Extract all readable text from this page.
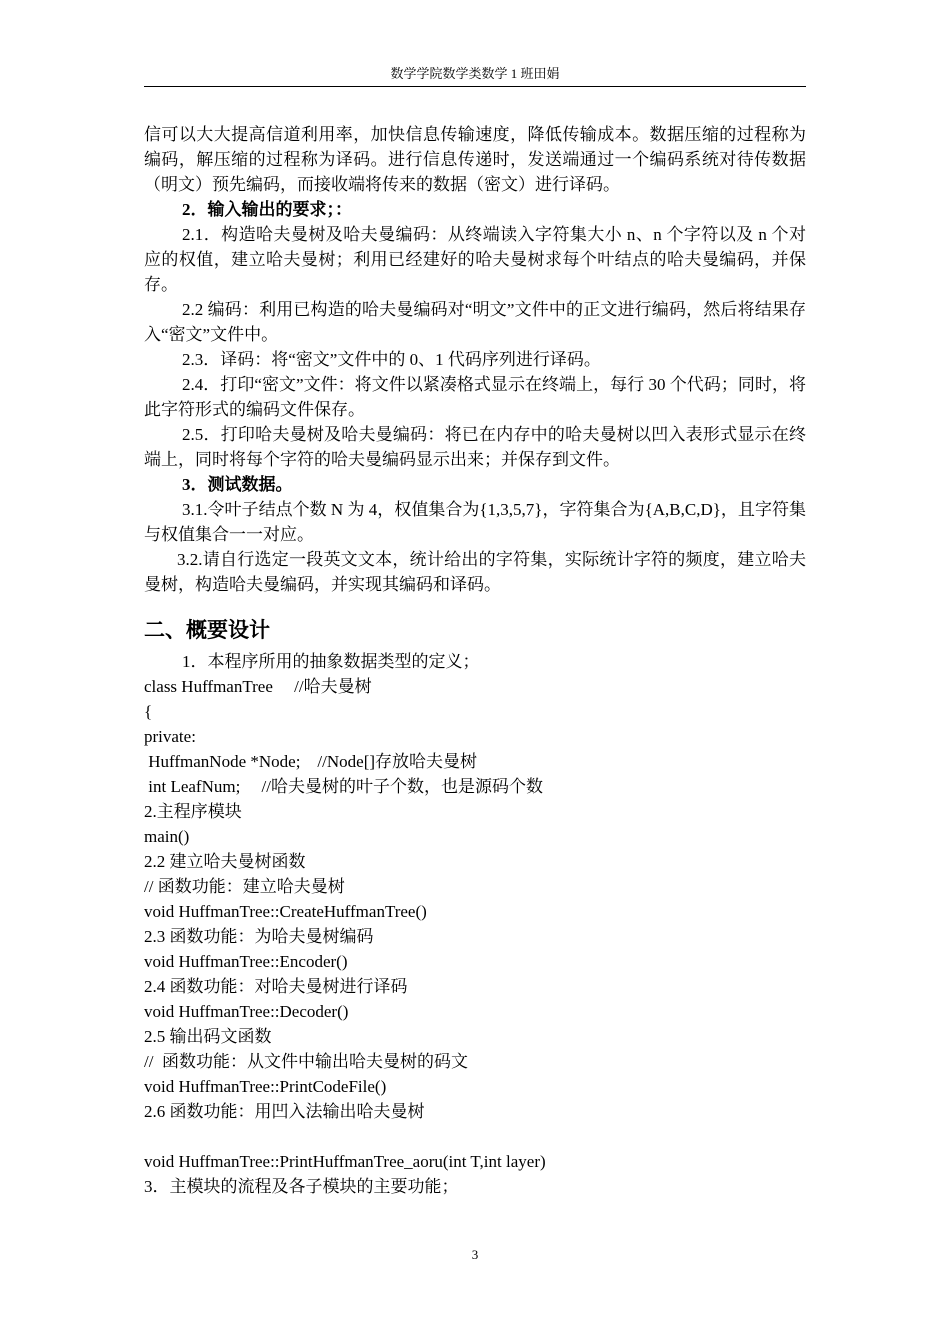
数学学院数学类数学 1 班田娟

信可以大大提高信道利用率，加快信息传输速度，降低传输成本。数据压缩的过程称为编码，解压缩的过程称为译码。进行信息传递时，发送端通过一个编码系统对待传数据（明文）预先编码，而接收端将传来的数据（密文）进行译码。

2．输入输出的要求；：

2.1．构造哈夫曼树及哈夫曼编码：从终端读入字符集大小 n、n 个字符以及 n 个对应的权值，建立哈夫曼树；利用已经建好的哈夫曼树求每个叶结点的哈夫曼编码，并保存。

2.2 编码：利用已构造的哈夫曼编码对“明文”文件中的正文进行编码，然后将结果存入“密文”文件中。

2.3．译码：将“密文”文件中的 0、1 代码序列进行译码。

2.4．打印“密文”文件：将文件以紧凑格式显示在终端上，每行 30 个代码；同时，将此字符形式的编码文件保存。

2.5．打印哈夫曼树及哈夫曼编码：将已在内存中的哈夫曼树以凹入表形式显示在终端上，同时将每个字符的哈夫曼编码显示出来；并保存到文件。

3．测试数据。

3.1.令叶子结点个数 N 为 4，权值集合为{1,3,5,7}，字符集合为{A,B,C,D}，且字符集与权值集合一一对应。

3.2.请自行选定一段英文文本，统计给出的字符集，实际统计字符的频度，建立哈夫曼树，构造哈夫曼编码，并实现其编码和译码。

二、概要设计

1．本程序所用的抽象数据类型的定义；

class HuffmanTree     //哈夫曼树
{
private:
HuffmanNode *Node;    //Node[]存放哈夫曼树
int LeafNum;     //哈夫曼树的叶子个数，也是源码个数
2.主程序模块
main()
2.2 建立哈夫曼树函数
// 函数功能：建立哈夫曼树
void HuffmanTree::CreateHuffmanTree()
2.3 函数功能：为哈夫曼树编码
void HuffmanTree::Encoder()
2.4 函数功能：对哈夫曼树进行译码
void HuffmanTree::Decoder()
2.5 输出码文函数
//  函数功能：从文件中输出哈夫曼树的码文
void HuffmanTree::PrintCodeFile()
2.6 函数功能：用凹入法输出哈夫曼树
void HuffmanTree::PrintHuffmanTree_aoru(int T,int layer)
3．主模块的流程及各子模块的主要功能；
3
